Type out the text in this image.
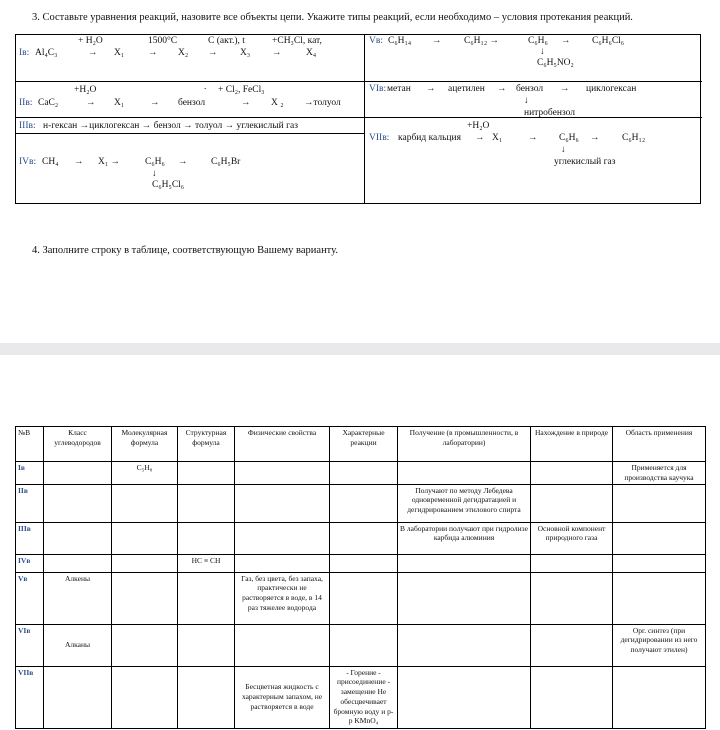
3. Составьте уравнения реакций, назовите все объекты цепи. Укажите типы реакций, если необходимо – условия протекания реакций.
+ H₂O	1500°C	C (акт.), t	+CH₃Cl, кат,
Iв: Al₄C₃	→ X₁	→ X₂ → X₃ →	X₄
+H₂O	. + Cl₂, FeCl₃
IIв: CaC₂	→ X₁	→ бензол	→ X ₂ →толуол
IIIв: н-гексан →циклогексан → бензол → толуол → углекислый газ
IVв: CH₄ → X₁ →	C₆H₆ → C₆H₅Br
↓
C₆H₅Cl₆
Vв: C₆H₁₄ → C₆H₁₂ →	C₆H₆ → C₆H₆Cl₆
↓
C₆H₅NO₂
VIв: метан → ацетилен → бензол → циклогексан
↓
нитробензол
+H₂O
VIIв: карбид кальция → X₁	→ C₆H₆ → C₆H₁₂
↓
углекислый газ
4. Заполните строку в таблице, соответствующую Вашему варианту.
№В	Класс углеводородов	Молекулярная формула	Структурная формула	Физические свойства	Характерные реакции	Получение (в промышленности, в лаборатории)	Нахождение в природе	Область применения
Iв		C₅H₈						Применяется для производства каучука
IIв						Получают по методу Лебедева одновременной дегидратацией и дегидрированием этилового спирта		
IIIв						В лаборатории получают при гидролизе карбида алюминия	Основной компонент природного газа	
IVв			HC ≡ CH					
Vв	Алкены			Газ, без цвета, без запаха, практически не растворяется в воде, в 14 раз тяжелее водорода				
VIв	Алканы							Орг. синтез (при дегидрировании из него получают этилен)
VIIв				Бесцветная жидкость с характерным запахом, не растворяется в воде	- Горение - присоединение - замещение Не обесцвечивает бромную воду и р-р KMnO₄			
